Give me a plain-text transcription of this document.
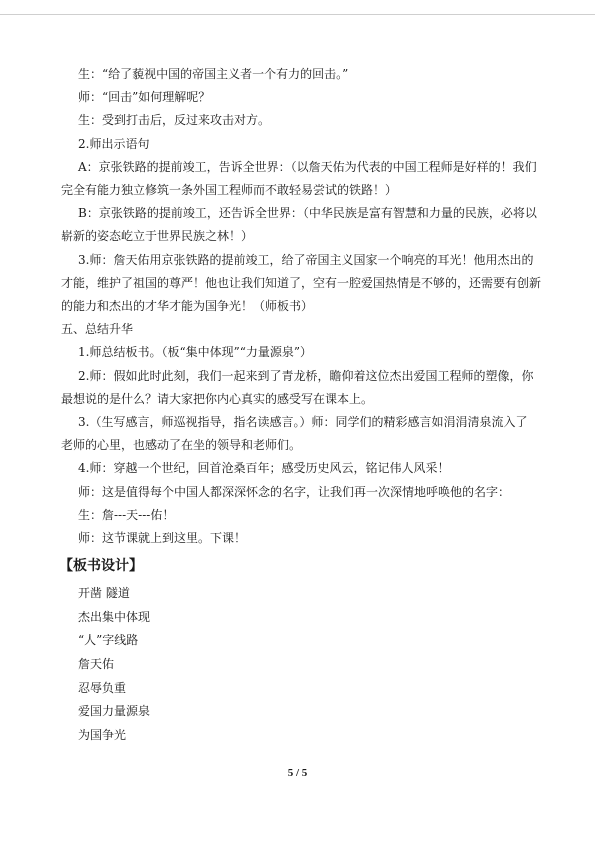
生：“给了藐视中国的帝国主义者一个有力的回击。”

师：“回击”如何理解呢？

生：受到打击后，反过来攻击对方。

2.师出示语句

A：京张铁路的提前竣工，告诉全世界：（以詹天佑为代表的中国工程师是好样的！我们

完全有能力独立修筑一条外国工程师而不敢轻易尝试的铁路！）

B：京张铁路的提前竣工，还告诉全世界：（中华民族是富有智慧和力量的民族，必将以

崭新的姿态屹立于世界民族之林！）

3.师：詹天佑用京张铁路的提前竣工，给了帝国主义国家一个响亮的耳光！他用杰出的

才能，维护了祖国的尊严！他也让我们知道了，空有一腔爱国热情是不够的，还需要有创新

的能力和杰出的才华才能为国争光！（师板书）

五、总结升华

1.师总结板书。（板“集中体现”“力量源泉”）

2.师：假如此时此刻，我们一起来到了青龙桥，瞻仰着这位杰出爱国工程师的塑像，你

最想说的是什么？请大家把你内心真实的感受写在课本上。

3.（生写感言，师巡视指导，指名读感言。）师：同学们的精彩感言如涓涓清泉流入了

老师的心里，也感动了在坐的领导和老师们。

4.师：穿越一个世纪，回首沧桑百年；感受历史风云，铭记伟人风采！

师：这是值得每个中国人都深深怀念的名字，让我们再一次深情地呼唤他的名字：

生：詹---天---佑！

师：这节课就上到这里。下课！

【板书设计】
开凿 隧道
杰出集中体现
“人”字线路
詹天佑
忍辱负重
爱国力量源泉
为国争光
5 / 5
